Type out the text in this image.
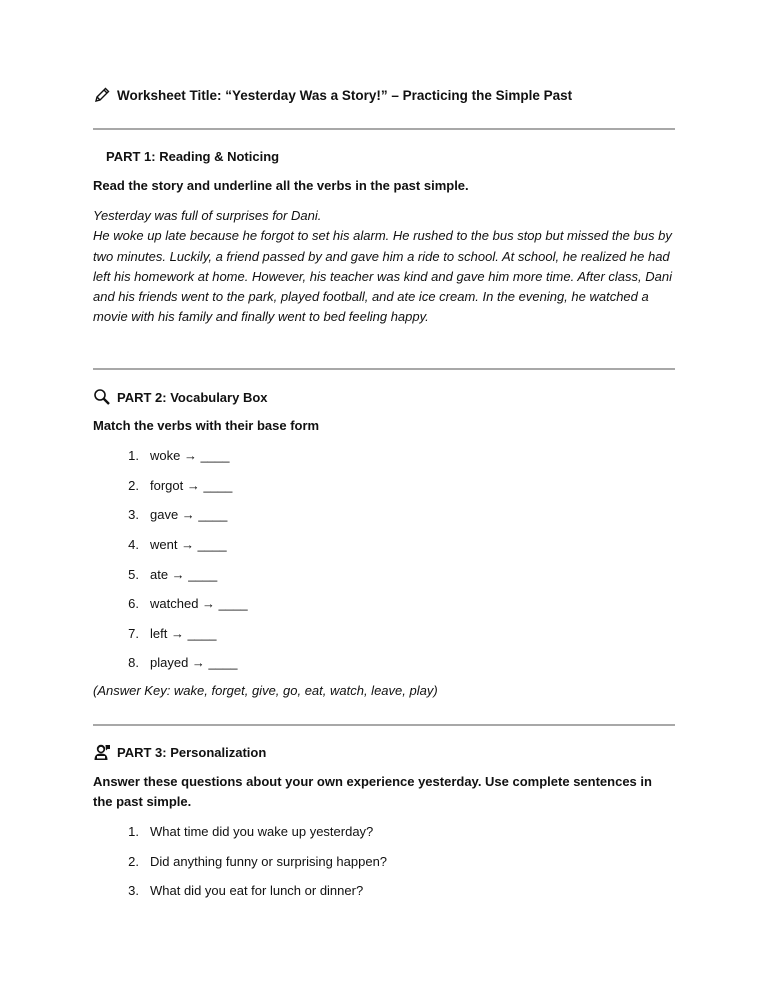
Worksheet Title: “Yesterday Was a Story!” – Practicing the Simple Past
PART 1: Reading & Noticing
Read the story and underline all the verbs in the past simple.

Yesterday was full of surprises for Dani.

He woke up late because he forgot to set his alarm. He rushed to the bus stop but missed the bus by two minutes. Luckily, a friend passed by and gave him a ride to school. At school, he realized he had left his homework at home. However, his teacher was kind and gave him more time. After class, Dani and his friends went to the park, played football, and ate ice cream. In the evening, he watched a movie with his family and finally went to bed feeling happy.

PART 2: Vocabulary Box
Match the verbs with their base form
1. woke → ____
2. forgot → ____
3. gave → ____
4. went → ____
5. ate → ____
6. watched → ____
7. left → ____
8. played → ____
(Answer Key: wake, forget, give, go, eat, watch, leave, play)
PART 3: Personalization
Answer these questions about your own experience yesterday. Use complete sentences in the past simple.
1. What time did you wake up yesterday?
2. Did anything funny or surprising happen?
3. What did you eat for lunch or dinner?
